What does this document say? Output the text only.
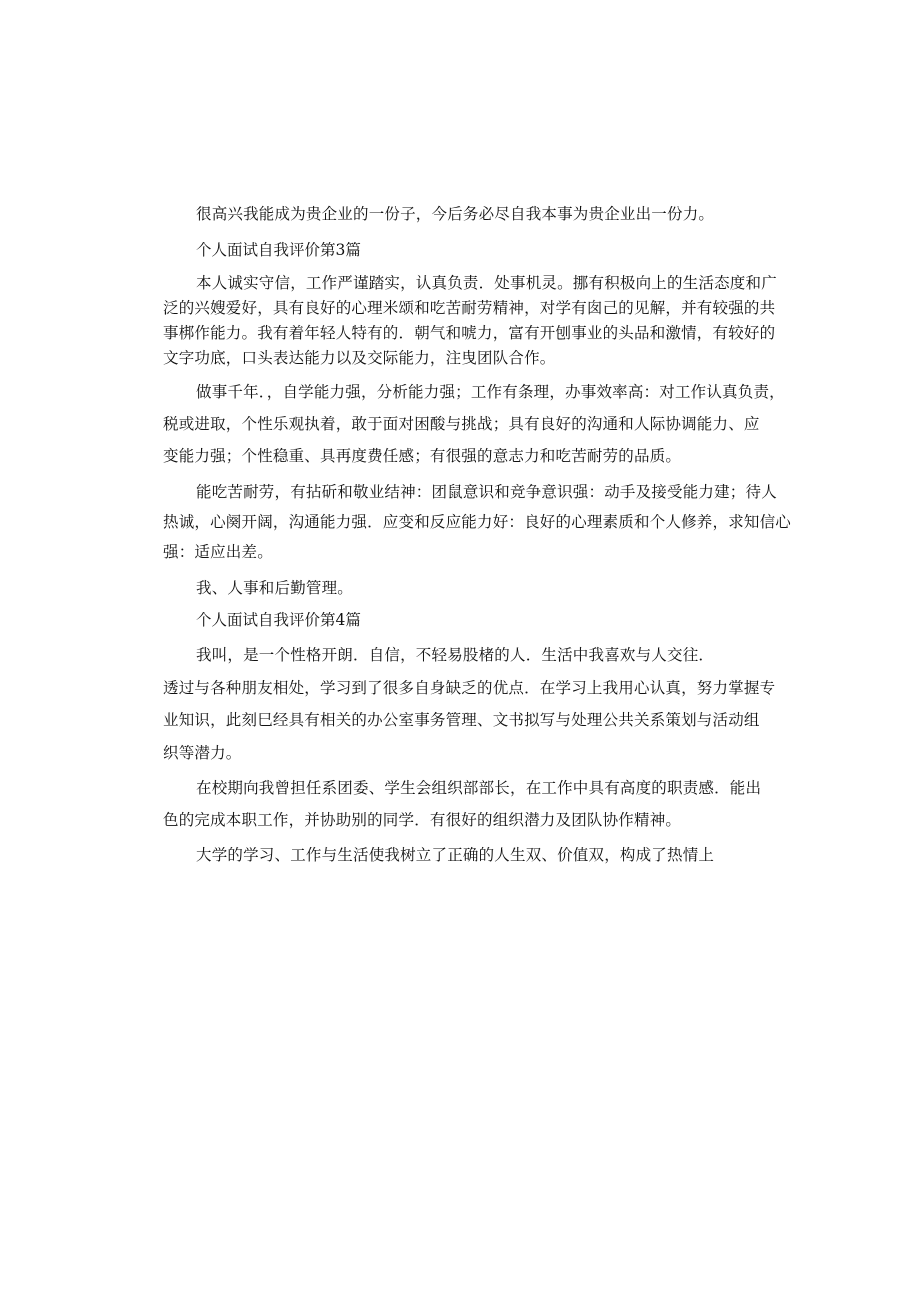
很高兴我能成为贵企业的一份子，今后务必尽自我本事为贵企业出一份力。
个人面试自我评价第3篇
本人诚实守信，工作严谨踏实，认真负责．处事机灵。挪有积极向上的生活态度和广
泛的兴嫂爱好，具有良好的心理米颂和吃苦耐劳精神，对学有囱己的见解，并有较强的共
事梆作能力。我有着年轻人特有的．朝气和唬力，富有开刨事业的头品和激情，有较好的
文字功底，口头表达能力以及交际能力，注曳团队合作。
做事千年．，自学能力强，分析能力强；工作有条理，办事效率高：对工作认真负责，
税或进取，个性乐观执着，敢于面对困酸与挑战；具有良好的沟通和人际协调能力、应
变能力强；个性稳重、具再度费任感；有很强的意志力和吃苦耐劳的品质。
能吃苦耐劳，有拈斫和敬业结神：团鼠意识和竞争意识强：动手及接受能力建；待人
热诚，心阕开阔，沟通能力强．应变和反应能力好：良好的心理素质和个人修养，求知信心
强：适应出差。
我、人事和后勤管理。
个人面试自我评价第4篇
我叫，是一个性格开朗．自信，不轻易股楮的人．生活中我喜欢与人交往．
透过与各种朋友相处，学习到了很多自身缺乏的优点．在学习上我用心认真，努力掌握专
业知识，此刻巳经具有相关的办公室事务管理、文书拟写与处理公共关系策划与活动组
织等潜力。
在校期向我曾担任系团委、学生会组织部部长，在工作中具有高度的职责感．能出
色的完成本职工作，并协助别的同学．有很好的组织潜力及团队协作精神。
大学的学习、工作与生活使我树立了正确的人生双、价值双，构成了热情上
